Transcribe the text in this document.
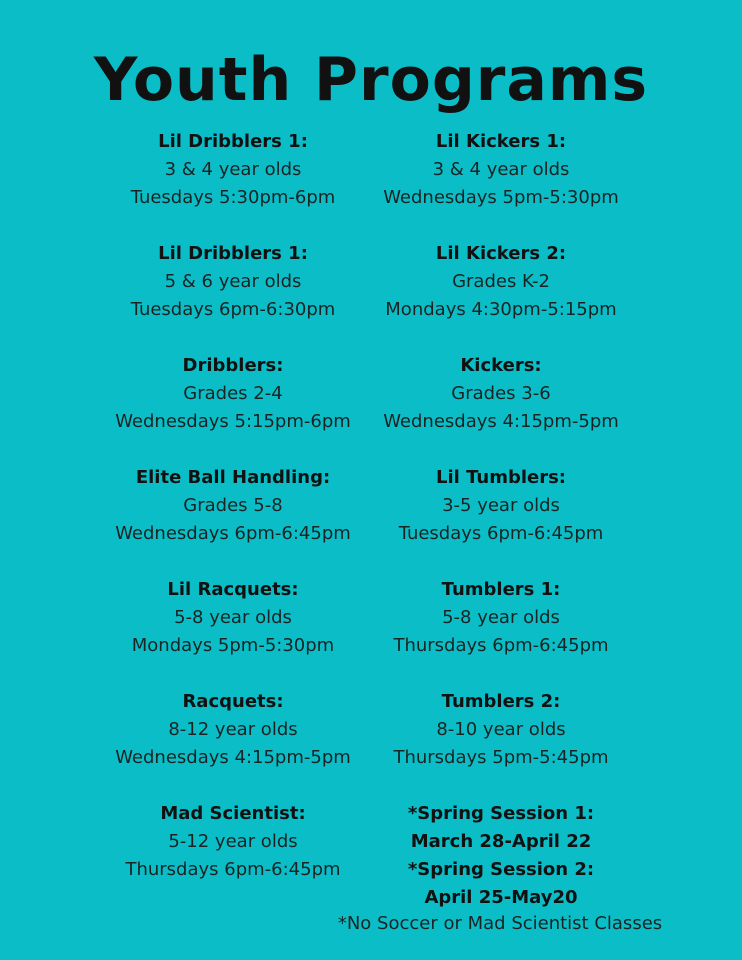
Youth Programs
Lil Dribblers 1:
3 & 4 year olds
Tuesdays 5:30pm-6pm
Lil Dribblers 1:
5 & 6 year olds
Tuesdays 6pm-6:30pm
Dribblers:
Grades 2-4
Wednesdays 5:15pm-6pm
Elite Ball Handling:
Grades 5-8
Wednesdays 6pm-6:45pm
Lil Racquets:
5-8 year olds
Mondays 5pm-5:30pm
Racquets:
8-12 year olds
Wednesdays 4:15pm-5pm
Mad Scientist:
5-12 year olds
Thursdays 6pm-6:45pm
Lil Kickers 1:
3 & 4 year olds
Wednesdays 5pm-5:30pm
Lil Kickers 2:
Grades K-2
Mondays 4:30pm-5:15pm
Kickers:
Grades 3-6
Wednesdays 4:15pm-5pm
Lil Tumblers:
3-5 year olds
Tuesdays 6pm-6:45pm
Tumblers 1:
5-8 year olds
Thursdays 6pm-6:45pm
Tumblers 2:
8-10 year olds
Thursdays 5pm-5:45pm
*Spring Session 1:
March 28-April 22
*Spring Session 2:
April 25-May20
*No Soccer or Mad Scientist Classes
